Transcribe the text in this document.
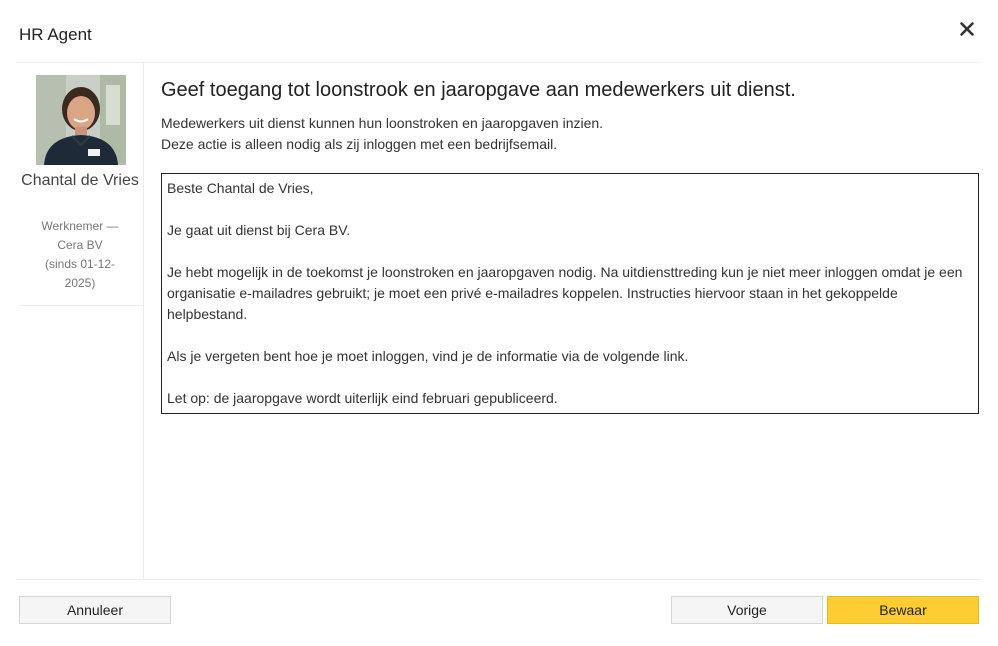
HR Agent
Chantal de Vries
Werknemer —
Cera BV
(sinds 01-12-
2025)
Geef toegang tot loonstrook en jaaropgave aan medewerkers uit dienst.
Medewerkers uit dienst kunnen hun loonstroken en jaaropgaven inzien.
Deze actie is alleen nodig als zij inloggen met een bedrijfsemail.

Beste Chantal de Vries,

Je gaat uit dienst bij Cera BV.

Je hebt mogelijk in de toekomst je loonstroken en jaaropgaven nodig. Na uitdiensttreding kun je niet meer inloggen omdat je een organisatie e-mailadres gebruikt; je moet een privé e-mailadres koppelen. Instructies hiervoor staan in het gekoppelde helpbestand.

Als je vergeten bent hoe je moet inloggen, vind je de informatie via de volgende link.

Let op: de jaaropgave wordt uiterlijk eind februari gepubliceerd.

Annuleer	Vorige	Bewaar
